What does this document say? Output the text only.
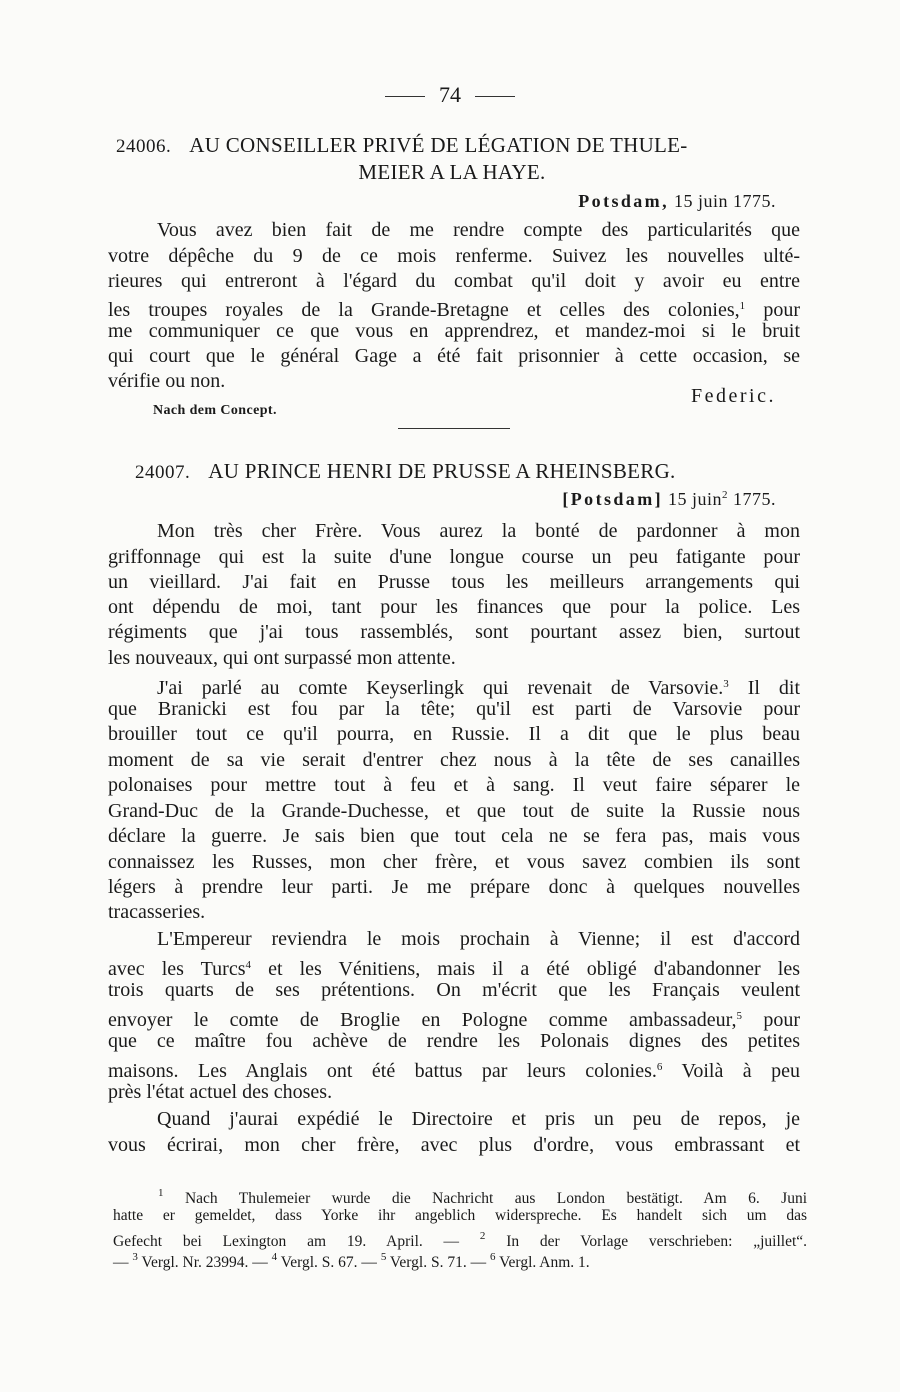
74
24006. AU CONSEILLER PRIVÉ DE LÉGATION DE THULE-
MEIER A LA HAYE.
Potsdam, 15 juin 1775.
Vous avez bien fait de me rendre compte des particularités que
votre dépêche du 9 de ce mois renferme. Suivez les nouvelles ulté-
rieures qui entreront à l'égard du combat qu'il doit y avoir eu entre
les troupes royales de la Grande-Bretagne et celles des colonies,$^1$ pour
me communiquer ce que vous en apprendrez, et mandez-moi si le bruit
qui court que le général Gage a été fait prisonnier à cette occasion, se
vérifie ou non.
Federic.
Nach dem Concept.
24007. AU PRINCE HENRI DE PRUSSE A RHEINSBERG.
[Potsdam] 15 juin$^2$ 1775.
Mon très cher Frère. Vous aurez la bonté de pardonner à mon
griffonnage qui est la suite d'une longue course un peu fatigante pour
un vieillard. J'ai fait en Prusse tous les meilleurs arrangements qui
ont dépendu de moi, tant pour les finances que pour la police. Les
régiments que j'ai tous rassemblés, sont pourtant assez bien, surtout
les nouveaux, qui ont surpassé mon attente.
J'ai parlé au comte Keyserlingk qui revenait de Varsovie.$^3$ Il dit
que Branicki est fou par la tête; qu'il est parti de Varsovie pour
brouiller tout ce qu'il pourra, en Russie. Il a dit que le plus beau
moment de sa vie serait d'entrer chez nous à la tête de ses canailles
polonaises pour mettre tout à feu et à sang. Il veut faire séparer le
Grand-Duc de la Grande-Duchesse, et que tout de suite la Russie nous
déclare la guerre. Je sais bien que tout cela ne se fera pas, mais vous
connaissez les Russes, mon cher frère, et vous savez combien ils sont
légers à prendre leur parti. Je me prépare donc à quelques nouvelles
tracasseries.
L'Empereur reviendra le mois prochain à Vienne; il est d'accord
avec les Turcs$^4$ et les Vénitiens, mais il a été obligé d'abandonner les
trois quarts de ses prétentions. On m'écrit que les Français veulent
envoyer le comte de Broglie en Pologne comme ambassadeur,$^5$ pour
que ce maître fou achève de rendre les Polonais dignes des petites
maisons. Les Anglais ont été battus par leurs colonies.$^6$ Voilà à peu
près l'état actuel des choses.
Quand j'aurai expédié le Directoire et pris un peu de repos, je
vous écrirai, mon cher frère, avec plus d'ordre, vous embrassant et
$^1$ Nach Thulemeier wurde die Nachricht aus London bestätigt. Am 6. Juni
hatte er gemeldet, dass Yorke ihr angeblich widerspreche. Es handelt sich um das
Gefecht bei Lexington am 19. April. — $^2$ In der Vorlage verschrieben: „juillet“.
— $^3$ Vergl. Nr. 23994. — $^4$ Vergl. S. 67. — $^5$ Vergl. S. 71. — $^6$ Vergl. Anm. 1.
